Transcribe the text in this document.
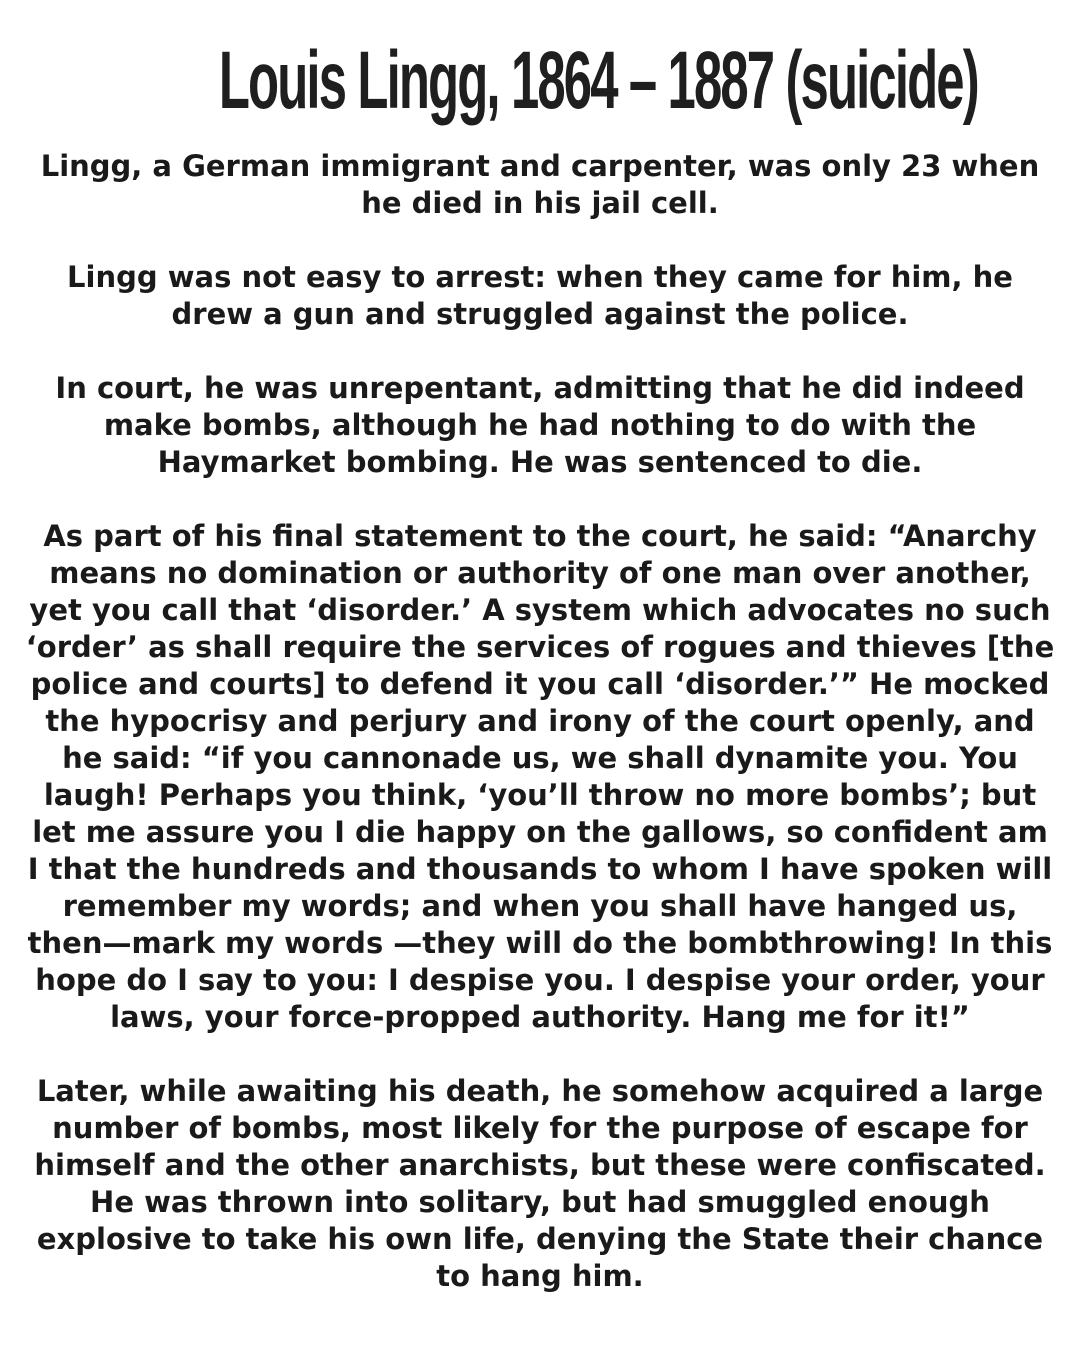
Louis Lingg, 1864 – 1887 (suicide)

Lingg, a German immigrant and carpenter, was only 23 when he died in his jail cell.

Lingg was not easy to arrest: when they came for him, he drew a gun and struggled against the police.

In court, he was unrepentant, admitting that he did indeed make bombs, although he had nothing to do with the Haymarket bombing. He was sentenced to die.

As part of his final statement to the court, he said: “Anarchy means no domination or authority of one man over another, yet you call that ‘disorder.’ A system which advocates no such ‘order’ as shall require the services of rogues and thieves [the police and courts] to defend it you call ‘disorder.’” He mocked the hypocrisy and perjury and irony of the court openly, and he said: “if you cannonade us, we shall dynamite you. You laugh! Perhaps you think, ‘you’ll throw no more bombs’; but let me assure you I die happy on the gallows, so confident am I that the hundreds and thousands to whom I have spoken will remember my words; and when you shall have hanged us, then—mark my words —they will do the bombthrowing! In this hope do I say to you: I despise you. I despise your order, your laws, your force-propped authority. Hang me for it!”

Later, while awaiting his death, he somehow acquired a large number of bombs, most likely for the purpose of escape for himself and the other anarchists, but these were confiscated. He was thrown into solitary, but had smuggled enough explosive to take his own life, denying the State their chance to hang him.
